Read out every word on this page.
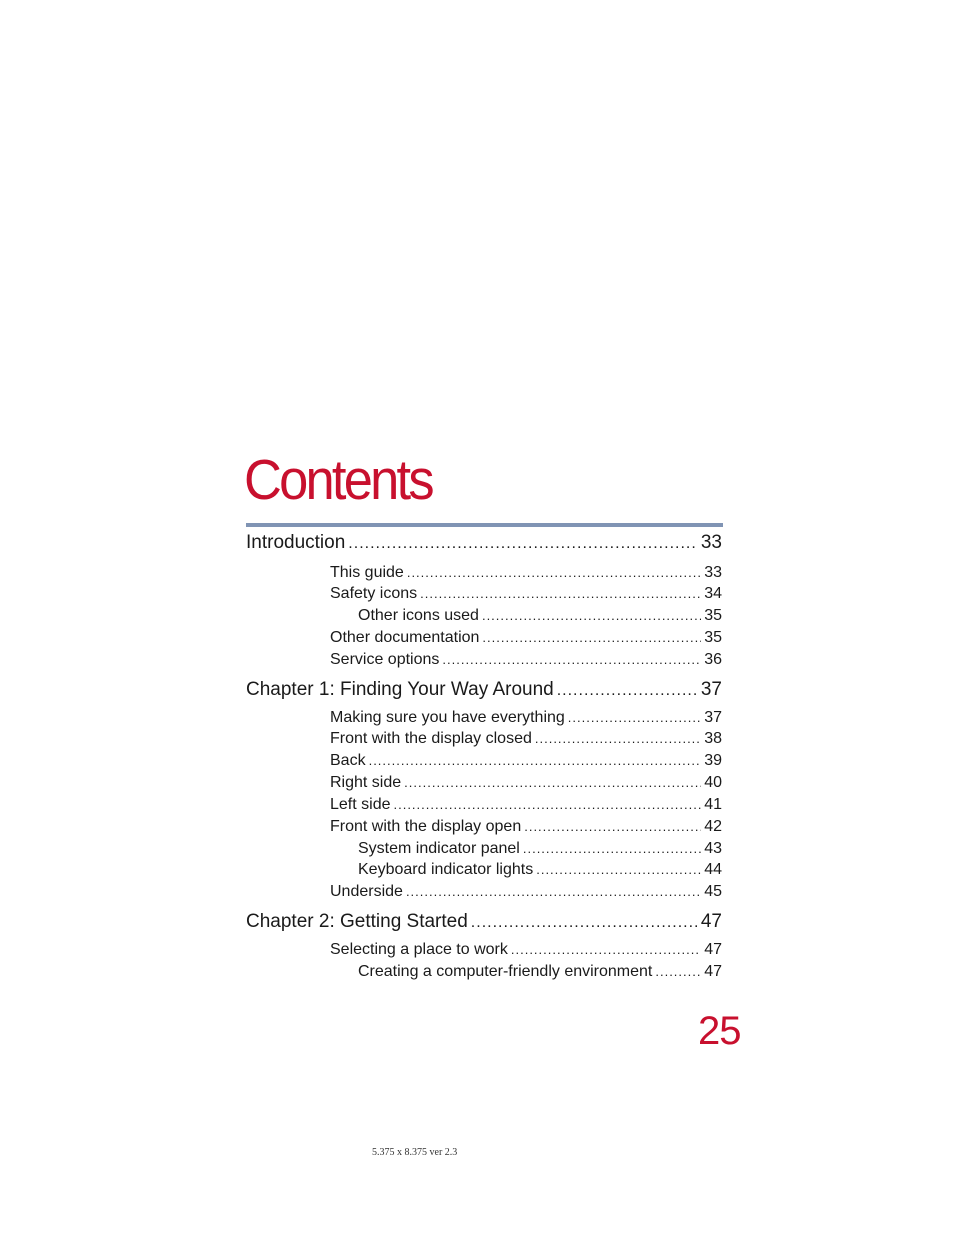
Contents
Introduction .....	33
This guide .....	33
Safety icons .....	34
Other icons used .....	35
Other documentation .....	35
Service options .....	36
Chapter 1: Finding Your Way Around .....	37
Making sure you have everything .....	37
Front with the display closed .....	38
Back .....	39
Right side .....	40
Left side .....	41
Front with the display open .....	42
System indicator panel .....	43
Keyboard indicator lights .....	44
Underside .....	45
Chapter 2: Getting Started .....	47
Selecting a place to work .....	47
Creating a computer-friendly environment .....	47
25
5.375 x 8.375 ver 2.3
